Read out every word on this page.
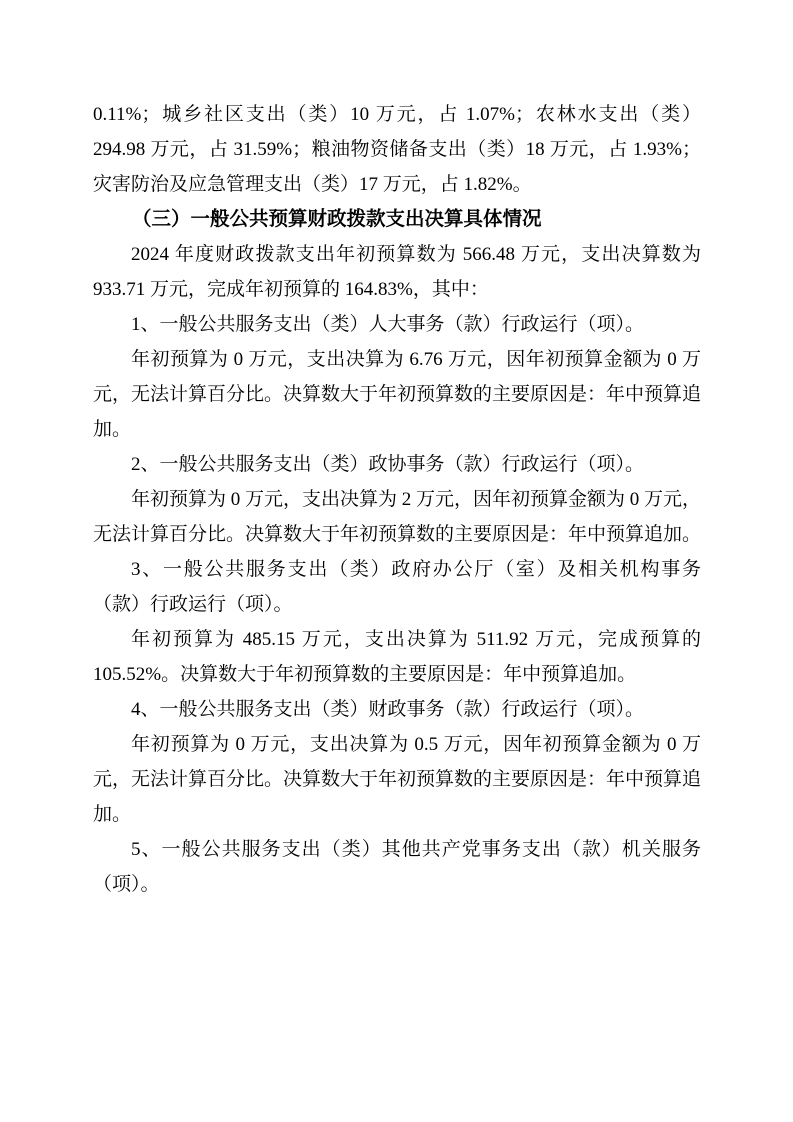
0.11%；城乡社区支出（类）10 万元，占 1.07%；农林水支出（类）294.98 万元，占 31.59%；粮油物资储备支出（类）18 万元，占 1.93%；灾害防治及应急管理支出（类）17 万元，占 1.82%。

（三）一般公共预算财政拨款支出决算具体情况

2024 年度财政拨款支出年初预算数为 566.48 万元，支出决算数为 933.71 万元，完成年初预算的 164.83%，其中：

1、一般公共服务支出（类）人大事务（款）行政运行（项）。

年初预算为 0 万元，支出决算为 6.76 万元，因年初预算金额为 0 万元，无法计算百分比。决算数大于年初预算数的主要原因是：年中预算追加。

2、一般公共服务支出（类）政协事务（款）行政运行（项）。

年初预算为 0 万元，支出决算为 2 万元，因年初预算金额为 0 万元，无法计算百分比。决算数大于年初预算数的主要原因是：年中预算追加。

3、一般公共服务支出（类）政府办公厅（室）及相关机构事务（款）行政运行（项）。

年初预算为 485.15 万元，支出决算为 511.92 万元，完成预算的 105.52%。决算数大于年初预算数的主要原因是：年中预算追加。

4、一般公共服务支出（类）财政事务（款）行政运行（项）。

年初预算为 0 万元，支出决算为 0.5 万元，因年初预算金额为 0 万元，无法计算百分比。决算数大于年初预算数的主要原因是：年中预算追加。

5、一般公共服务支出（类）其他共产党事务支出（款）机关服务（项）。
